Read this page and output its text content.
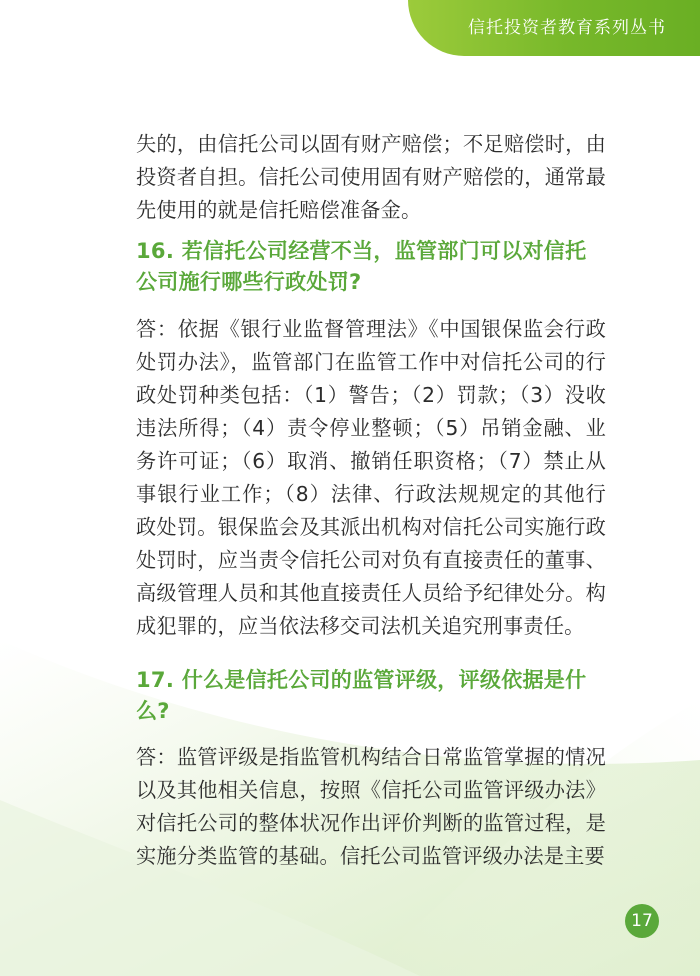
信托投资者教育系列丛书

失的，由信托公司以固有财产赔偿；不足赔偿时，由投资者自担。信托公司使用固有财产赔偿的，通常最先使用的就是信托赔偿准备金。

16. 若信托公司经营不当，监管部门可以对信托公司施行哪些行政处罚?

答：依据《银行业监督管理法》《中国银保监会行政处罚办法》，监管部门在监管工作中对信托公司的行政处罚种类包括：（1）警告；（2）罚款；（3）没收违法所得；（4）责令停业整顿；（5）吊销金融、业务许可证；（6）取消、撤销任职资格；（7）禁止从事银行业工作；（8）法律、行政法规规定的其他行政处罚。银保监会及其派出机构对信托公司实施行政处罚时，应当责令信托公司对负有直接责任的董事、高级管理人员和其他直接责任人员给予纪律处分。构成犯罪的，应当依法移交司法机关追究刑事责任。

17. 什么是信托公司的监管评级，评级依据是什么?

答：监管评级是指监管机构结合日常监管掌握的情况以及其他相关信息，按照《信托公司监管评级办法》对信托公司的整体状况作出评价判断的监管过程，是实施分类监管的基础。信托公司监管评级办法是主要

17
